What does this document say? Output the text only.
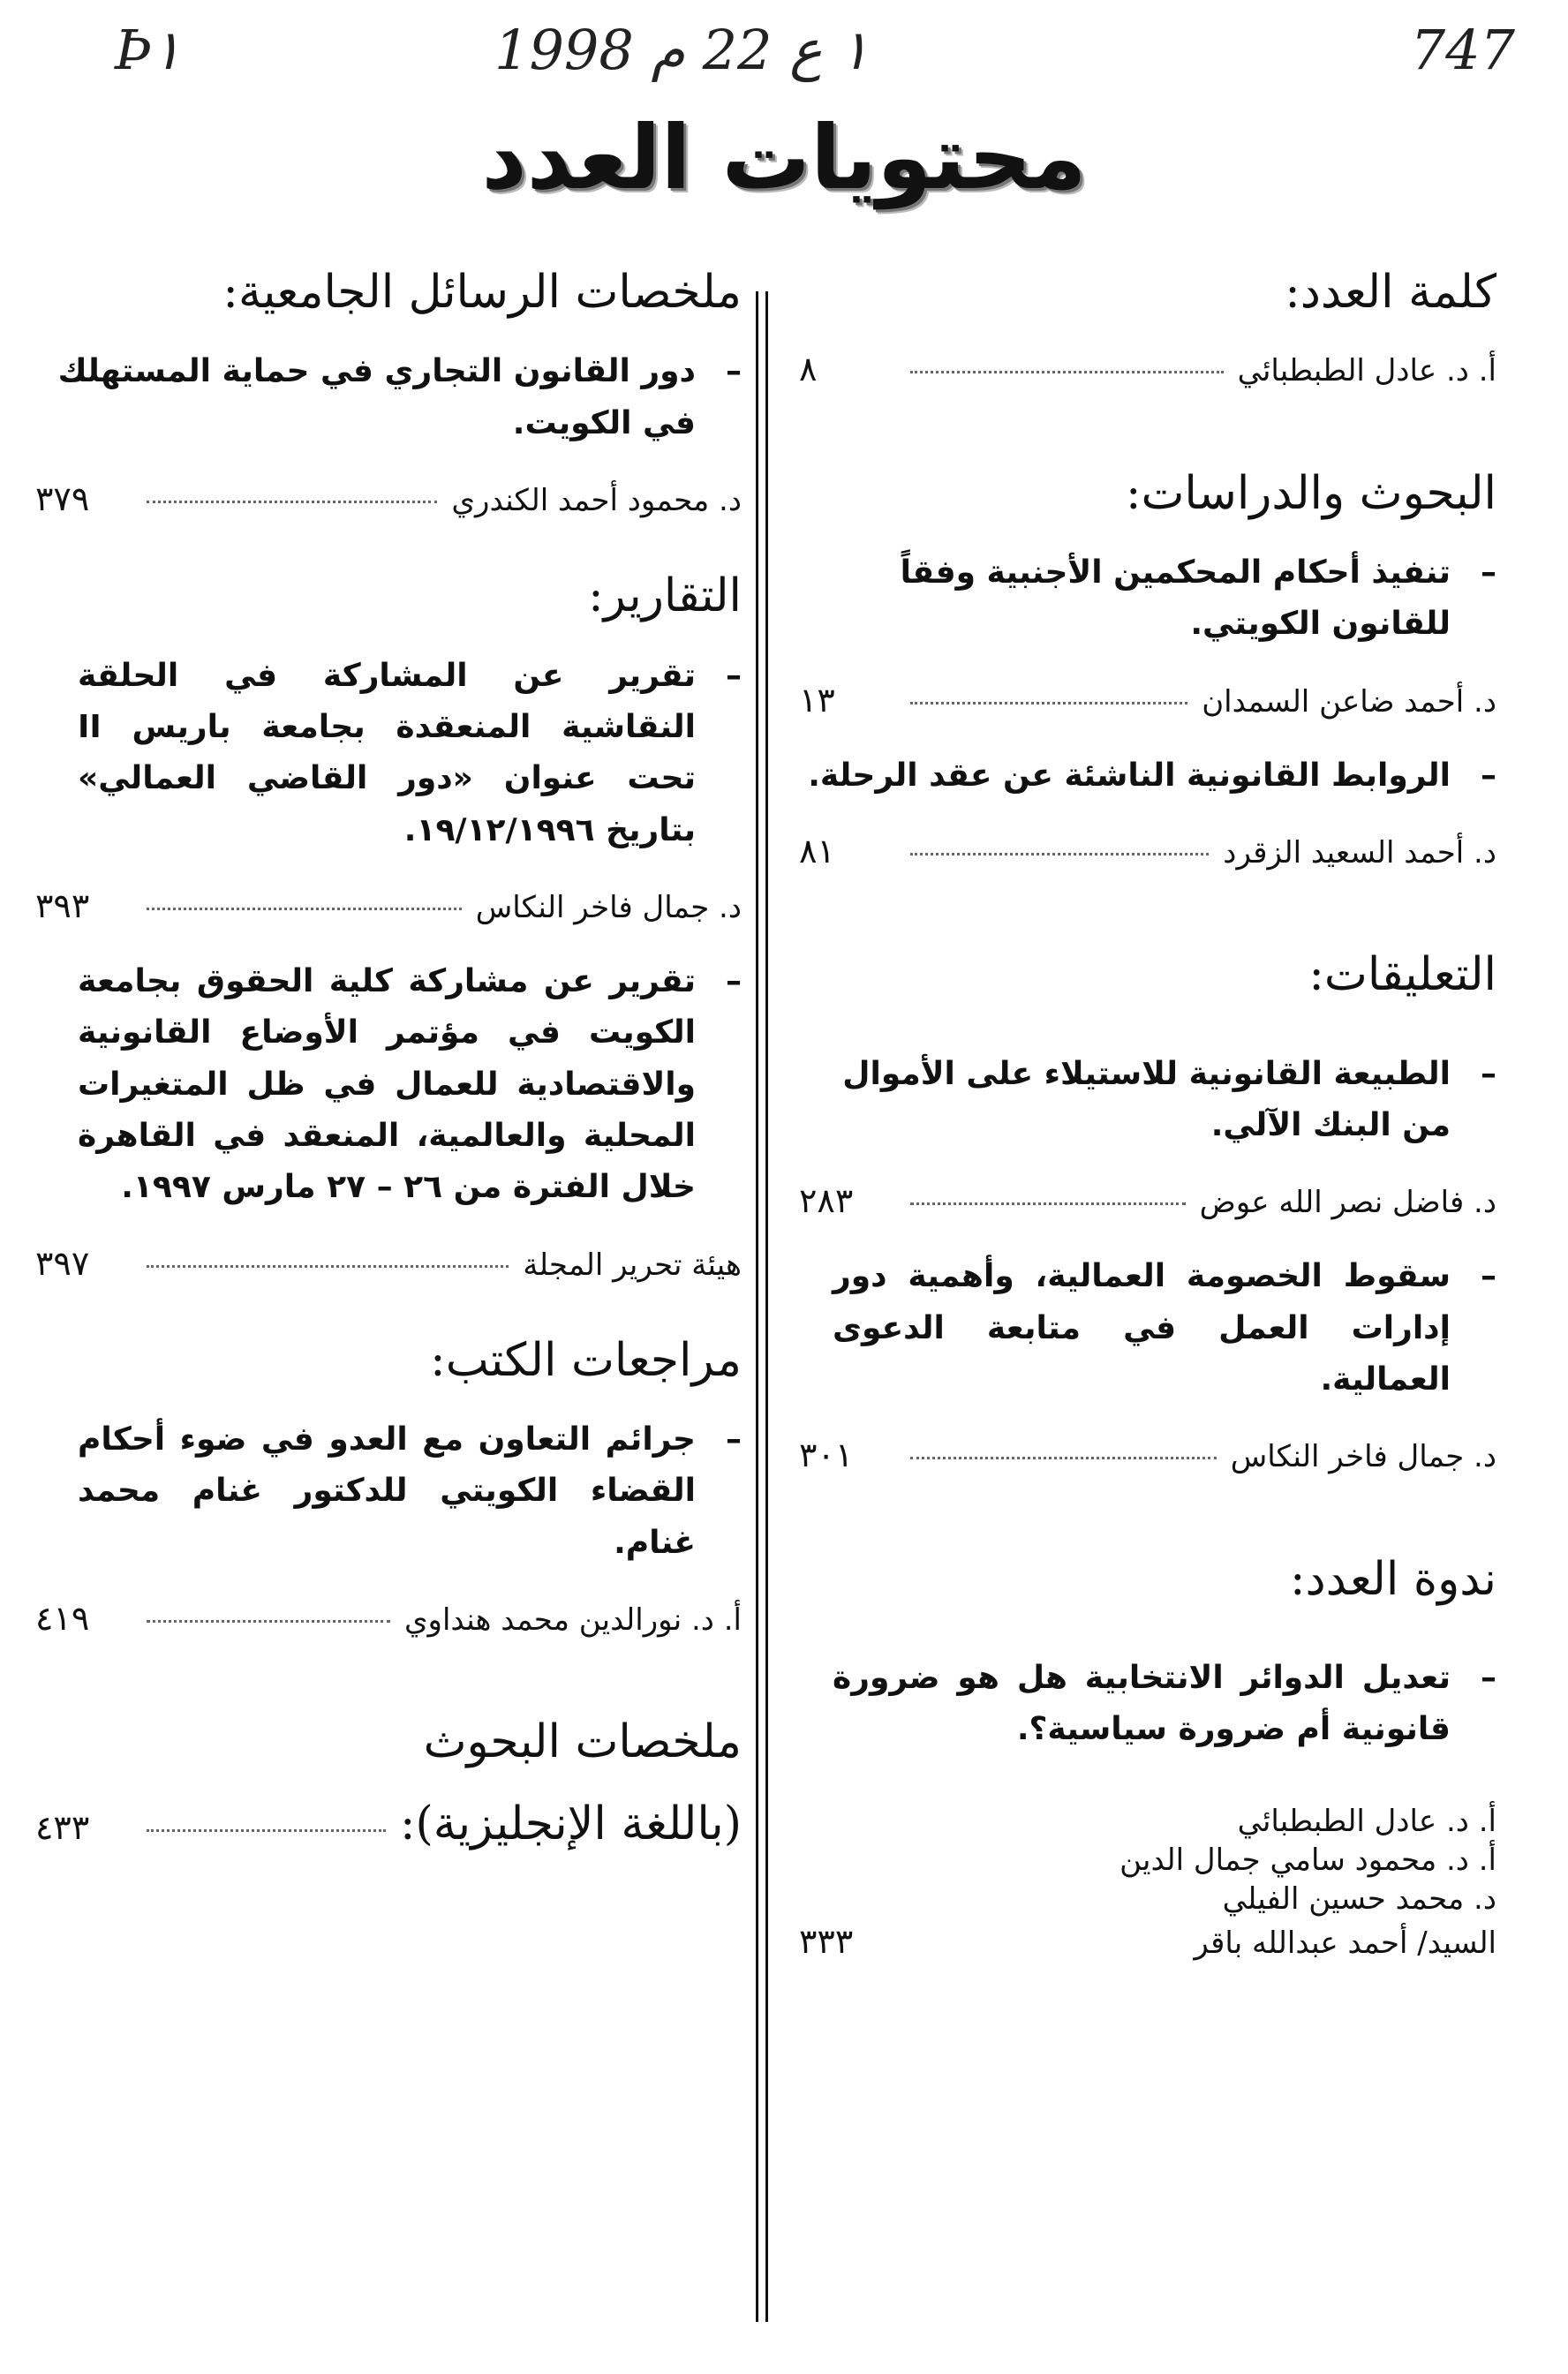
747
١ ع 22 م 1998
Ϸ١
محتويات العدد
كلمة العدد:
أ. د. عادل الطبطبائي
٨
البحوث والدراسات:

– تنفيذ أحكام المحكمين الأجنبية وفقاً للقانون الكويتي.

د. أحمد ضاعن السمدان
١٣

– الروابط القانونية الناشئة عن عقد الرحلة.

د. أحمد السعيد الزقرد
٨١
التعليقات:

– الطبيعة القانونية للاستيلاء على الأموال من البنك الآلي.

د. فاضل نصر الله عوض
٢٨٣

– سقوط الخصومة العمالية، وأهمية دور إدارات العمل في متابعة الدعوى العمالية.

د. جمال فاخر النكاس
٣٠١
ندوة العدد:

– تعديل الدوائر الانتخابية هل هو ضرورة قانونية أم ضرورة سياسية؟.

أ. د. عادل الطبطبائي
أ. د. محمود سامي جمال الدين
د. محمد حسين الفيلي
السيد/ أحمد عبدالله باقر
٣٣٣
ملخصات الرسائل الجامعية:

– دور القانون التجاري في حماية المستهلك في الكويت.

د. محمود أحمد الكندري
٣٧٩
التقارير:

– تقرير عن المشاركة في الحلقة النقاشية المنعقدة بجامعة باريس II تحت عنوان «دور القاضي العمالي» بتاريخ ١٩/١٢/١٩٩٦.

د. جمال فاخر النكاس
٣٩٣

– تقرير عن مشاركة كلية الحقوق بجامعة الكويت في مؤتمر الأوضاع القانونية والاقتصادية للعمال في ظل المتغيرات المحلية والعالمية، المنعقد في القاهرة خلال الفترة من ٢٦ – ٢٧ مارس ١٩٩٧.

هيئة تحرير المجلة
٣٩٧
مراجعات الكتب:

– جرائم التعاون مع العدو في ضوء أحكام القضاء الكويتي للدكتور غنام محمد غنام.

أ. د. نورالدين محمد هنداوي
٤١٩
ملخصات البحوث
(باللغة الإنجليزية):
٤٣٣
